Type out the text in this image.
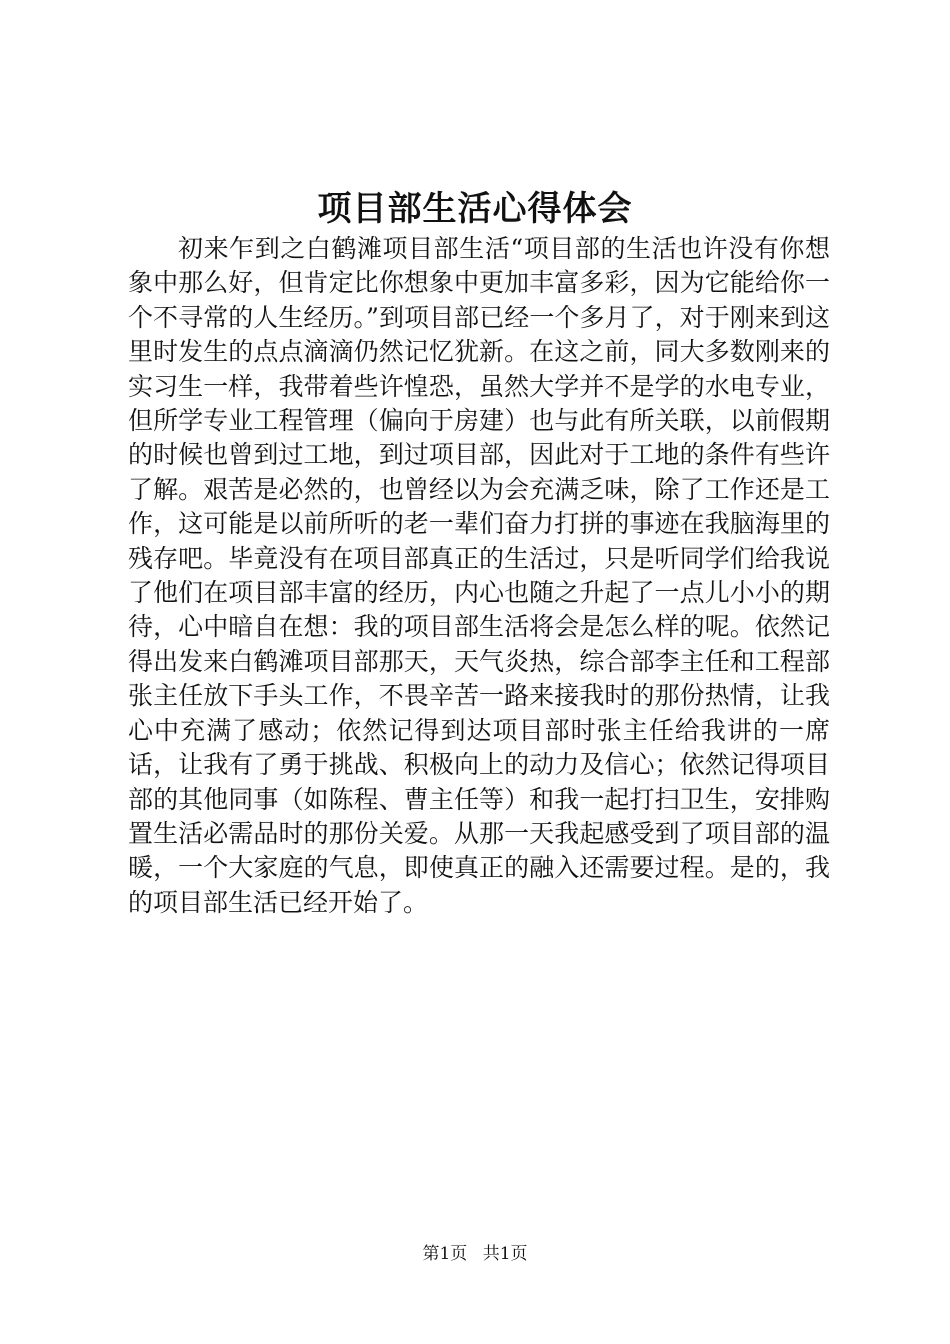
项目部生活心得体会

初来乍到之白鹤滩项目部生活“项目部的生活也许没有你想象中那么好，但肯定比你想象中更加丰富多彩，因为它能给你一个不寻常的人生经历。”到项目部已经一个多月了，对于刚来到这里时发生的点点滴滴仍然记忆犹新。在这之前，同大多数刚来的实习生一样，我带着些许惶恐，虽然大学并不是学的水电专业，但所学专业工程管理（偏向于房建）也与此有所关联，以前假期的时候也曾到过工地，到过项目部，因此对于工地的条件有些许了解。艰苦是必然的，也曾经以为会充满乏味，除了工作还是工作，这可能是以前所听的老一辈们奋力打拼的事迹在我脑海里的残存吧。毕竟没有在项目部真正的生活过，只是听同学们给我说了他们在项目部丰富的经历，内心也随之升起了一点儿小小的期待，心中暗自在想：我的项目部生活将会是怎么样的呢。依然记得出发来白鹤滩项目部那天，天气炎热，综合部李主任和工程部张主任放下手头工作，不畏辛苦一路来接我时的那份热情，让我心中充满了感动；依然记得到达项目部时张主任给我讲的一席话，让我有了勇于挑战、积极向上的动力及信心；依然记得项目部的其他同事（如陈程、曹主任等）和我一起打扫卫生，安排购置生活必需品时的那份关爱。从那一天我起感受到了项目部的温暖，一个大家庭的气息，即使真正的融入还需要过程。是的，我的项目部生活已经开始了。

第1页 共1页
